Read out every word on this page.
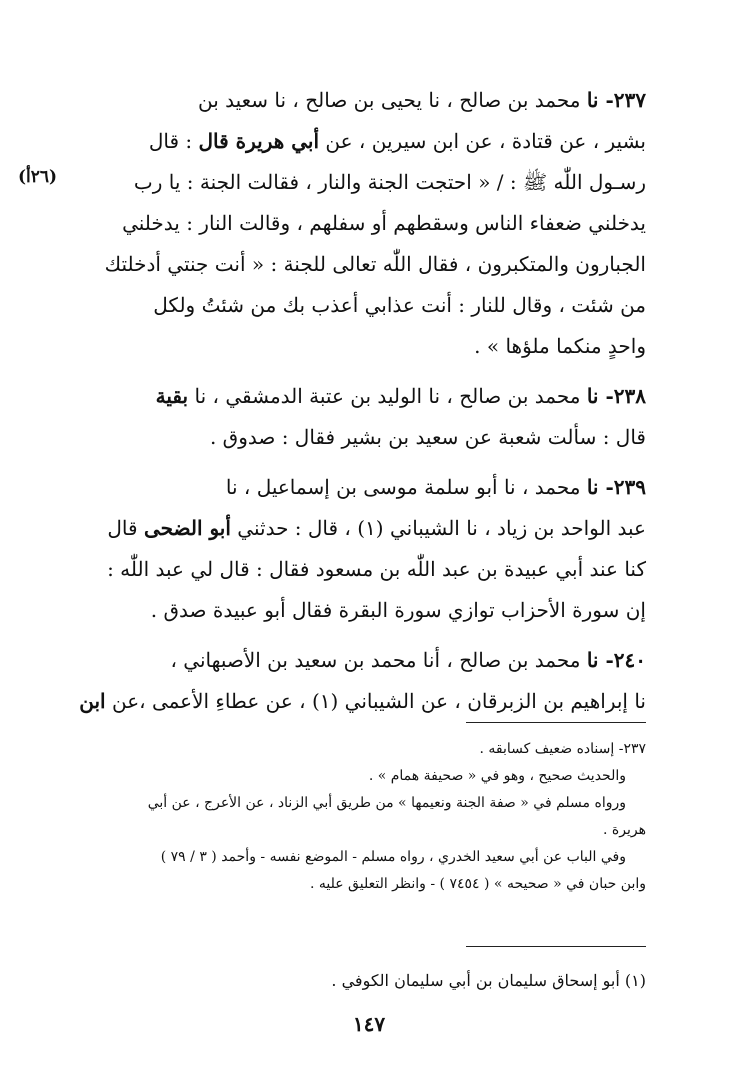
(٢٦أ)
٢٣٧- نا محمد بن صالح ، نا يحيى بن صالح ، نا سعيد بن
بشير ، عن قتادة ، عن ابن سيرين ، عن أبي هريرة قال : قال
رسـول اللّٰه ﷺ : / « احتجت الجنة والنار ، فقالت الجنة : يا رب
يدخلني ضعفاء الناس وسقطهم أو سفلهم ، وقالت النار : يدخلني
الجبارون والمتكبرون ، فقال اللّٰه تعالى للجنة : « أنت جنتي أدخلتك
من شئت ، وقال للنار : أنت عذابي أعذب بك من شئتُ ولكل
واحدٍ منكما ملؤها » .
٢٣٨- نا محمد بن صالح ، نا الوليد بن عتبة الدمشقي ، نا بقية
قال : سألت شعبة عن سعيد بن بشير فقال : صدوق .
٢٣٩- نا محمد ، نا أبو سلمة موسى بن إسماعيل ، نا
عبد الواحد بن زياد ، نا الشيباني (١) ، قال : حدثني أبو الضحى قال
كنا عند أبي عبيدة بن عبد اللّٰه بن مسعود فقال : قال لي عبد اللّٰه :
إن سورة الأحزاب توازي سورة البقرة فقال أبو عبيدة صدق .
٢٤٠- نا محمد بن صالح ، أنا محمد بن سعيد بن الأصبهاني ،
نا إبراهيم بن الزبرقان ، عن الشيباني (١) ، عن عطاءِ الأعمى ،عن ابن
٢٣٧- إسناده ضعيف كسابقه .
والحديث صحيح ، وهو في « صحيفة همام » .
ورواه مسلم في « صفة الجنة ونعيمها » من طريق أبي الزناد ، عن الأعرج ، عن أبي
هريرة .
وفي الباب عن أبي سعيد الخدري ، رواه مسلم - الموضع نفسه - وأحمد ( ٣ / ٧٩ )
وابن حبان في « صحيحه » ( ٧٤٥٤ ) - وانظر التعليق عليه .
(١) أبو إسحاق سليمان بن أبي سليمان الكوفي .
١٤٧
